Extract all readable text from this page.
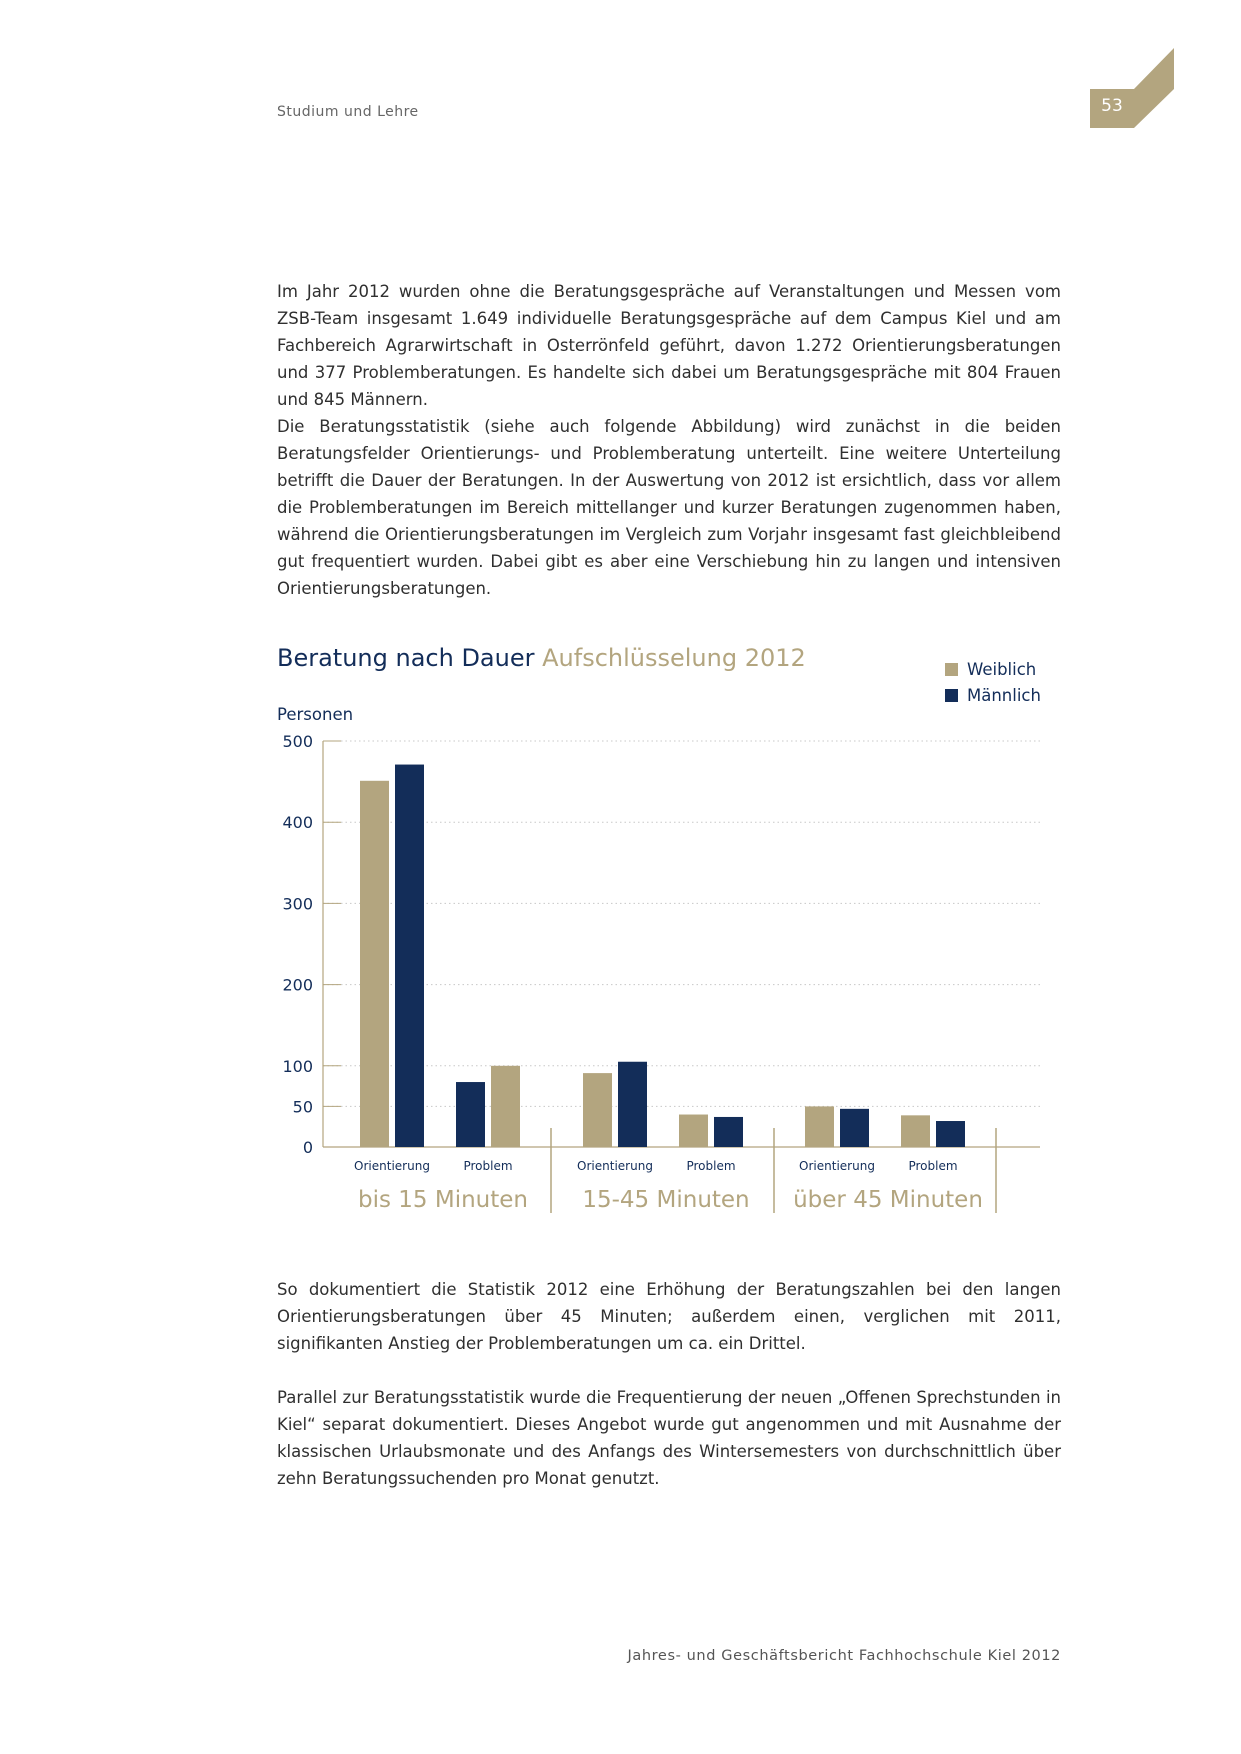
Studium und Lehre	53

Im Jahr 2012 wurden ohne die Beratungsgespräche auf Veranstaltungen und Messen vom ZSB-Team insgesamt 1.649 individuelle Beratungsgespräche auf dem Campus Kiel und am Fachbereich Agrarwirtschaft in Osterrönfeld geführt, davon 1.272 Orientierungsberatungen und 377 Problemberatungen. Es handelte sich dabei um Beratungsgespräche mit 804 Frauen und 845 Männern.

Die Beratungsstatistik (siehe auch folgende Abbildung) wird zunächst in die beiden Beratungsfelder Orientierungs- und Problemberatung unterteilt. Eine weitere Unterteilung betrifft die Dauer der Beratungen. In der Auswertung von 2012 ist ersichtlich, dass vor allem die Problemberatungen im Bereich mittellanger und kurzer Beratungen zugenommen haben, während die Orientierungsberatungen im Vergleich zum Vorjahr insgesamt fast gleichbleibend gut frequentiert wurden. Dabei gibt es aber eine Verschiebung hin zu langen und intensiven Orientierungsberatungen.

Beratung nach Dauer Aufschlüsselung 2012	Weiblich
Männlich
Personen
0
50
100
200
300
400
500
Orientierung	Problem	Orientierung	Problem	Orientierung	Problem
bis 15 Minuten 15-45 Minuten über 45 Minuten

So dokumentiert die Statistik 2012 eine Erhöhung der Beratungszahlen bei den langen Orientierungsberatungen über 45 Minuten; außerdem einen, verglichen mit 2011, signifikanten Anstieg der Problemberatungen um ca. ein Drittel.

Parallel zur Beratungsstatistik wurde die Frequentierung der neuen „Offenen Sprechstunden in Kiel“ separat dokumentiert. Dieses Angebot wurde gut angenommen und mit Ausnahme der klassischen Urlaubsmonate und des Anfangs des Wintersemesters von durchschnittlich über zehn Beratungssuchenden pro Monat genutzt.

Jahres- und Geschäftsbericht Fachhochschule Kiel 2012
